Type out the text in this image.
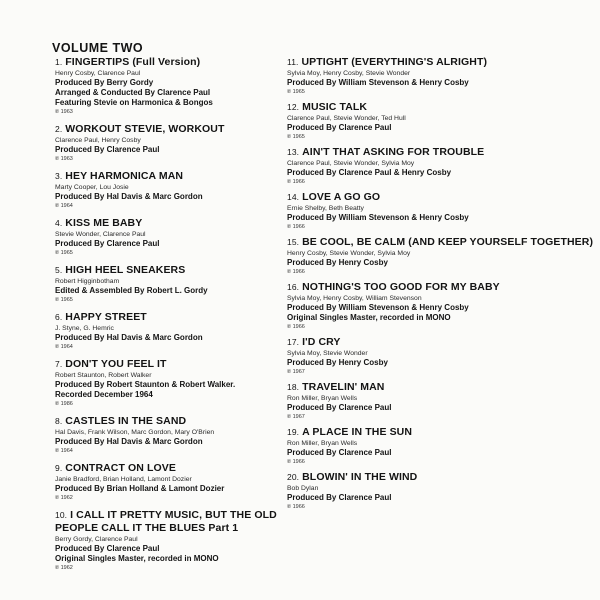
VOLUME TWO
1. FINGERTIPS (Full Version)
Henry Cosby, Clarence Paul
Produced By Berry Gordy
Arranged & Conducted By Clarence Paul
Featuring Stevie on Harmonica & Bongos
℗ 1963
2. WORKOUT STEVIE, WORKOUT
Clarence Paul, Henry Cosby
Produced By Clarence Paul
℗ 1963
3. HEY HARMONICA MAN
Marty Cooper, Lou Josie
Produced By Hal Davis & Marc Gordon
℗ 1964
4. KISS ME BABY
Stevie Wonder, Clarence Paul
Produced By Clarence Paul
℗ 1965
5. HIGH HEEL SNEAKERS
Robert Higginbotham
Edited & Assembled By Robert L. Gordy
℗ 1965
6. HAPPY STREET
J. Styne, G. Hemric
Produced By Hal Davis & Marc Gordon
℗ 1964
7. DON'T YOU FEEL IT
Robert Staunton, Robert Walker
Produced By Robert Staunton & Robert Walker.
Recorded December 1964
℗ 1986
8. CASTLES IN THE SAND
Hal Davis, Frank Wilson, Marc Gordon, Mary O'Brien
Produced By Hal Davis & Marc Gordon
℗ 1964
9. CONTRACT ON LOVE
Janie Bradford, Brian Holland, Lamont Dozier
Produced By Brian Holland & Lamont Dozier
℗ 1962
10. I CALL IT PRETTY MUSIC, BUT THE OLD
PEOPLE CALL IT THE BLUES Part 1
Berry Gordy, Clarence Paul
Produced By Clarence Paul
Original Singles Master, recorded in MONO
℗ 1962
11. UPTIGHT (EVERYTHING'S ALRIGHT)
Sylvia Moy, Henry Cosby, Stevie Wonder
Produced By William Stevenson & Henry Cosby
℗ 1965
12. MUSIC TALK
Clarence Paul, Stevie Wonder, Ted Hull
Produced By Clarence Paul
℗ 1965
13. AIN'T THAT ASKING FOR TROUBLE
Clarence Paul, Stevie Wonder, Sylvia Moy
Produced By Clarence Paul & Henry Cosby
℗ 1966
14. LOVE A GO GO
Ernie Shelby, Beth Beatty
Produced By William Stevenson & Henry Cosby
℗ 1966
15. BE COOL, BE CALM (AND KEEP YOURSELF TOGETHER)
Henry Cosby, Stevie Wonder, Sylvia Moy
Produced By Henry Cosby
℗ 1966
16. NOTHING'S TOO GOOD FOR MY BABY
Sylvia Moy, Henry Cosby, William Stevenson
Produced By William Stevenson & Henry Cosby
Original Singles Master, recorded in MONO
℗ 1966
17. I'D CRY
Sylvia Moy, Stevie Wonder
Produced By Henry Cosby
℗ 1967
18. TRAVELIN' MAN
Ron Miller, Bryan Wells
Produced By Clarence Paul
℗ 1967
19. A PLACE IN THE SUN
Ron Miller, Bryan Wells
Produced By Clarence Paul
℗ 1966
20. BLOWIN' IN THE WIND
Bob Dylan
Produced By Clarence Paul
℗ 1966
